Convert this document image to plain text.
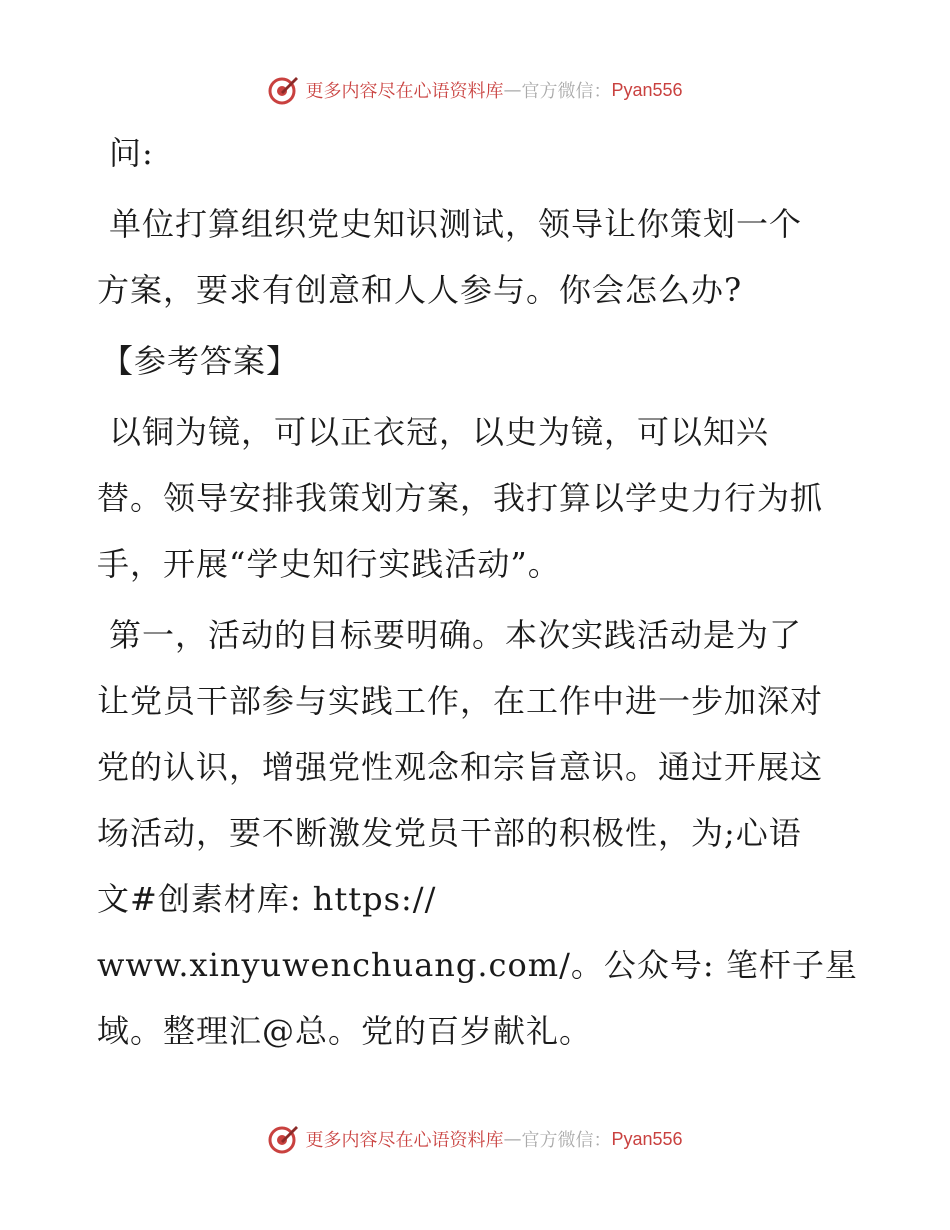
更多内容尽在心语资料库 — 官方微信： Pyan556

问:

单位打算组织党史知识测试，领导让你策划一个
方案，要求有创意和人人参与。你会怎么办?

【参考答案】

以铜为镜，可以正衣冠，以史为镜，可以知兴
替。领导安排我策划方案，我打算以学史力行为抓
手，开展“学史知行实践活动”。

第一，活动的目标要明确。本次实践活动是为了
让党员干部参与实践工作，在工作中进一步加深对
党的认识，增强党性观念和宗旨意识。通过开展这
场活动，要不断激发党员干部的积极性，为;心语
文#创素材库: https://
www.xinyuwenchuang.com/。公众号: 笔杆子星
域。整理汇@总。党的百岁献礼。

更多内容尽在心语资料库 — 官方微信： Pyan556
